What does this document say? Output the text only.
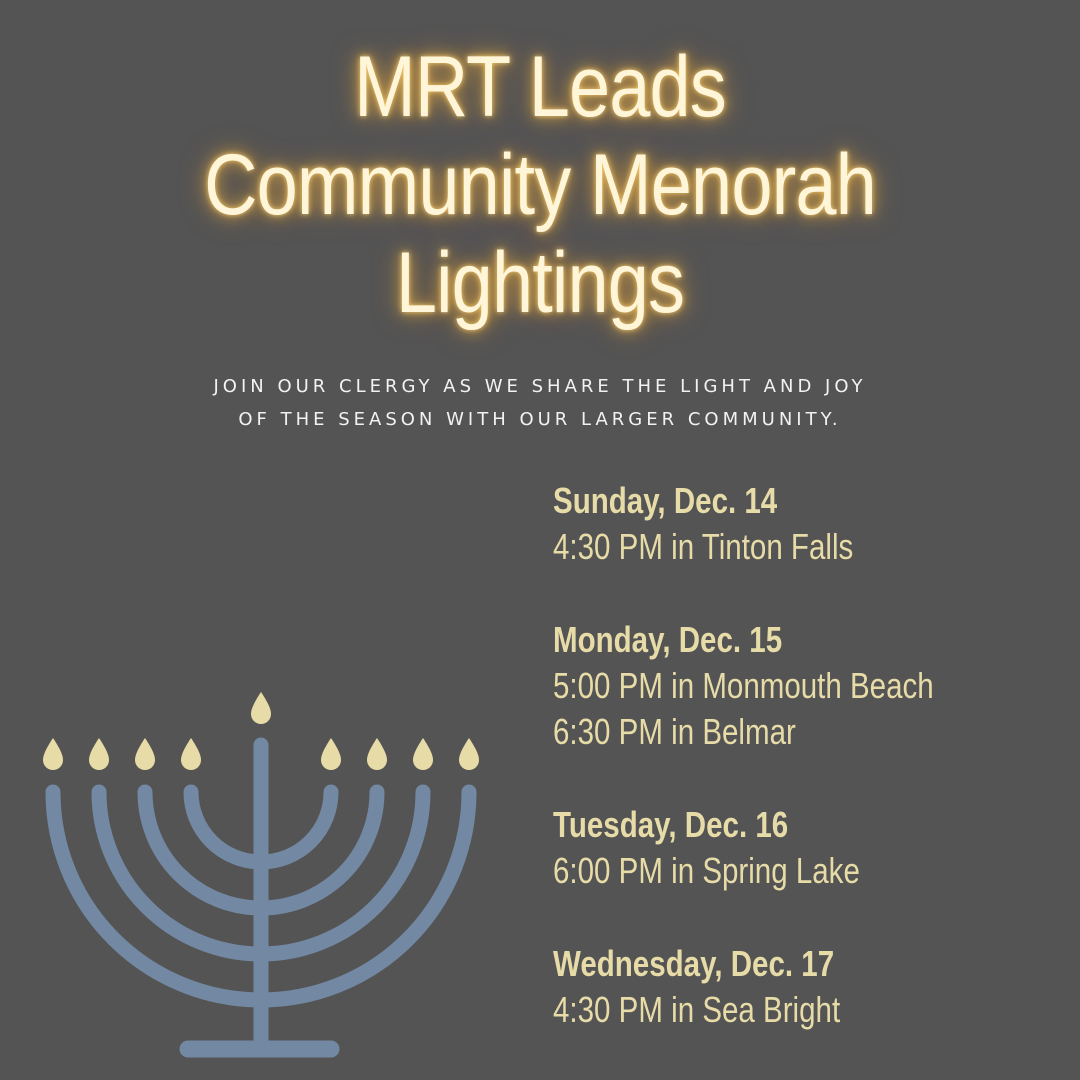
MRT Leads
Community Menorah
Lightings

JOIN OUR CLERGY AS WE SHARE THE LIGHT AND JOY
OF THE SEASON WITH OUR LARGER COMMUNITY.

Sunday, Dec. 14
4:30 PM in Tinton Falls
Monday, Dec. 15
5:00 PM in Monmouth Beach
6:30 PM in Belmar
Tuesday, Dec. 16
6:00 PM in Spring Lake
Wednesday, Dec. 17
4:30 PM in Sea Bright
